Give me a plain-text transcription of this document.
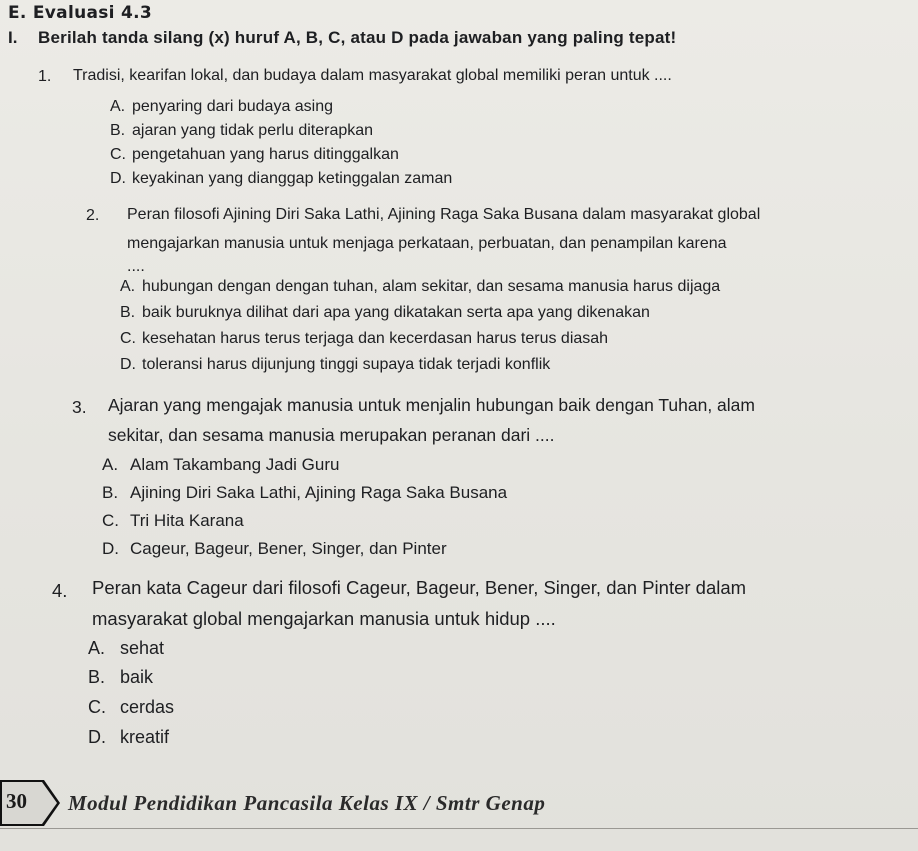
E. Evaluasi 4.3
I. Berilah tanda silang (x) huruf A, B, C, atau D pada jawaban yang paling tepat!
1. Tradisi, kearifan lokal, dan budaya dalam masyarakat global memiliki peran untuk ....
A. penyaring dari budaya asing
B. ajaran yang tidak perlu diterapkan
C. pengetahuan yang harus ditinggalkan
D. keyakinan yang dianggap ketinggalan zaman
2. Peran filosofi Ajining Diri Saka Lathi, Ajining Raga Saka Busana dalam masyarakat global
mengajarkan manusia untuk menjaga perkataan, perbuatan, dan penampilan karena
....
A. hubungan dengan dengan tuhan, alam sekitar, dan sesama manusia harus dijaga
B. baik buruknya dilihat dari apa yang dikatakan serta apa yang dikenakan
C. kesehatan harus terus terjaga dan kecerdasan harus terus diasah
D. toleransi harus dijunjung tinggi supaya tidak terjadi konflik
3. Ajaran yang mengajak manusia untuk menjalin hubungan baik dengan Tuhan, alam
sekitar, dan sesama manusia merupakan peranan dari ....
A. Alam Takambang Jadi Guru
B. Ajining Diri Saka Lathi, Ajining Raga Saka Busana
C. Tri Hita Karana
D. Cageur, Bageur, Bener, Singer, dan Pinter
4. Peran kata Cageur dari filosofi Cageur, Bageur, Bener, Singer, dan Pinter dalam
masyarakat global mengajarkan manusia untuk hidup ....
A. sehat
B. baik
C. cerdas
D. kreatif
30 Modul Pendidikan Pancasila Kelas IX / Smtr Genap
